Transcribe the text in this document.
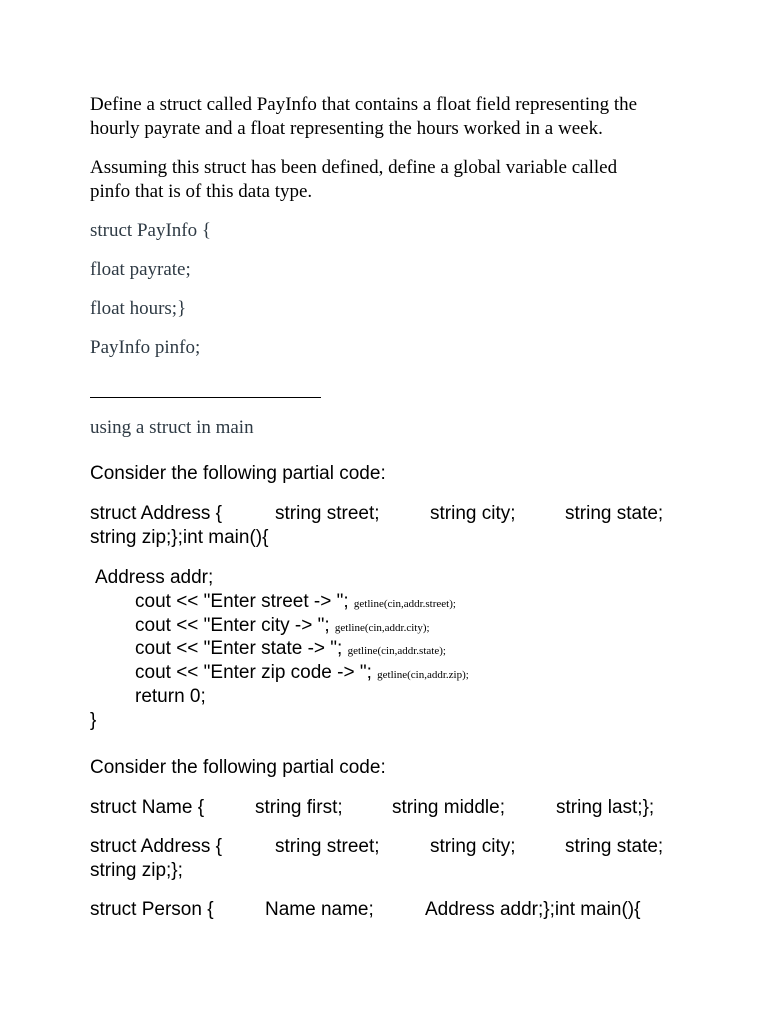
Define a struct called PayInfo that contains a float field representing the

hourly payrate and a float representing the hours worked in a week.

Assuming this struct has been defined, define a global variable called

pinfo that is of this data type.

struct PayInfo {

float payrate;

float hours;}

PayInfo pinfo;

using a struct in main

Consider the following partial code:

struct Address {	string street;	string city;	string state;

string zip;};int main(){

Address addr;

cout << "Enter street -> "; getline(cin,addr.street);

cout << "Enter city -> "; getline(cin,addr.city);

cout << "Enter state -> "; getline(cin,addr.state);

cout << "Enter zip code -> "; getline(cin,addr.zip);

return 0;

}

Consider the following partial code:

struct Name {	string first;	string middle;	string last;};
struct Address {	string street;	string city;	string state;

string zip;};

struct Person {	Name name;	Address addr;};int main(){
